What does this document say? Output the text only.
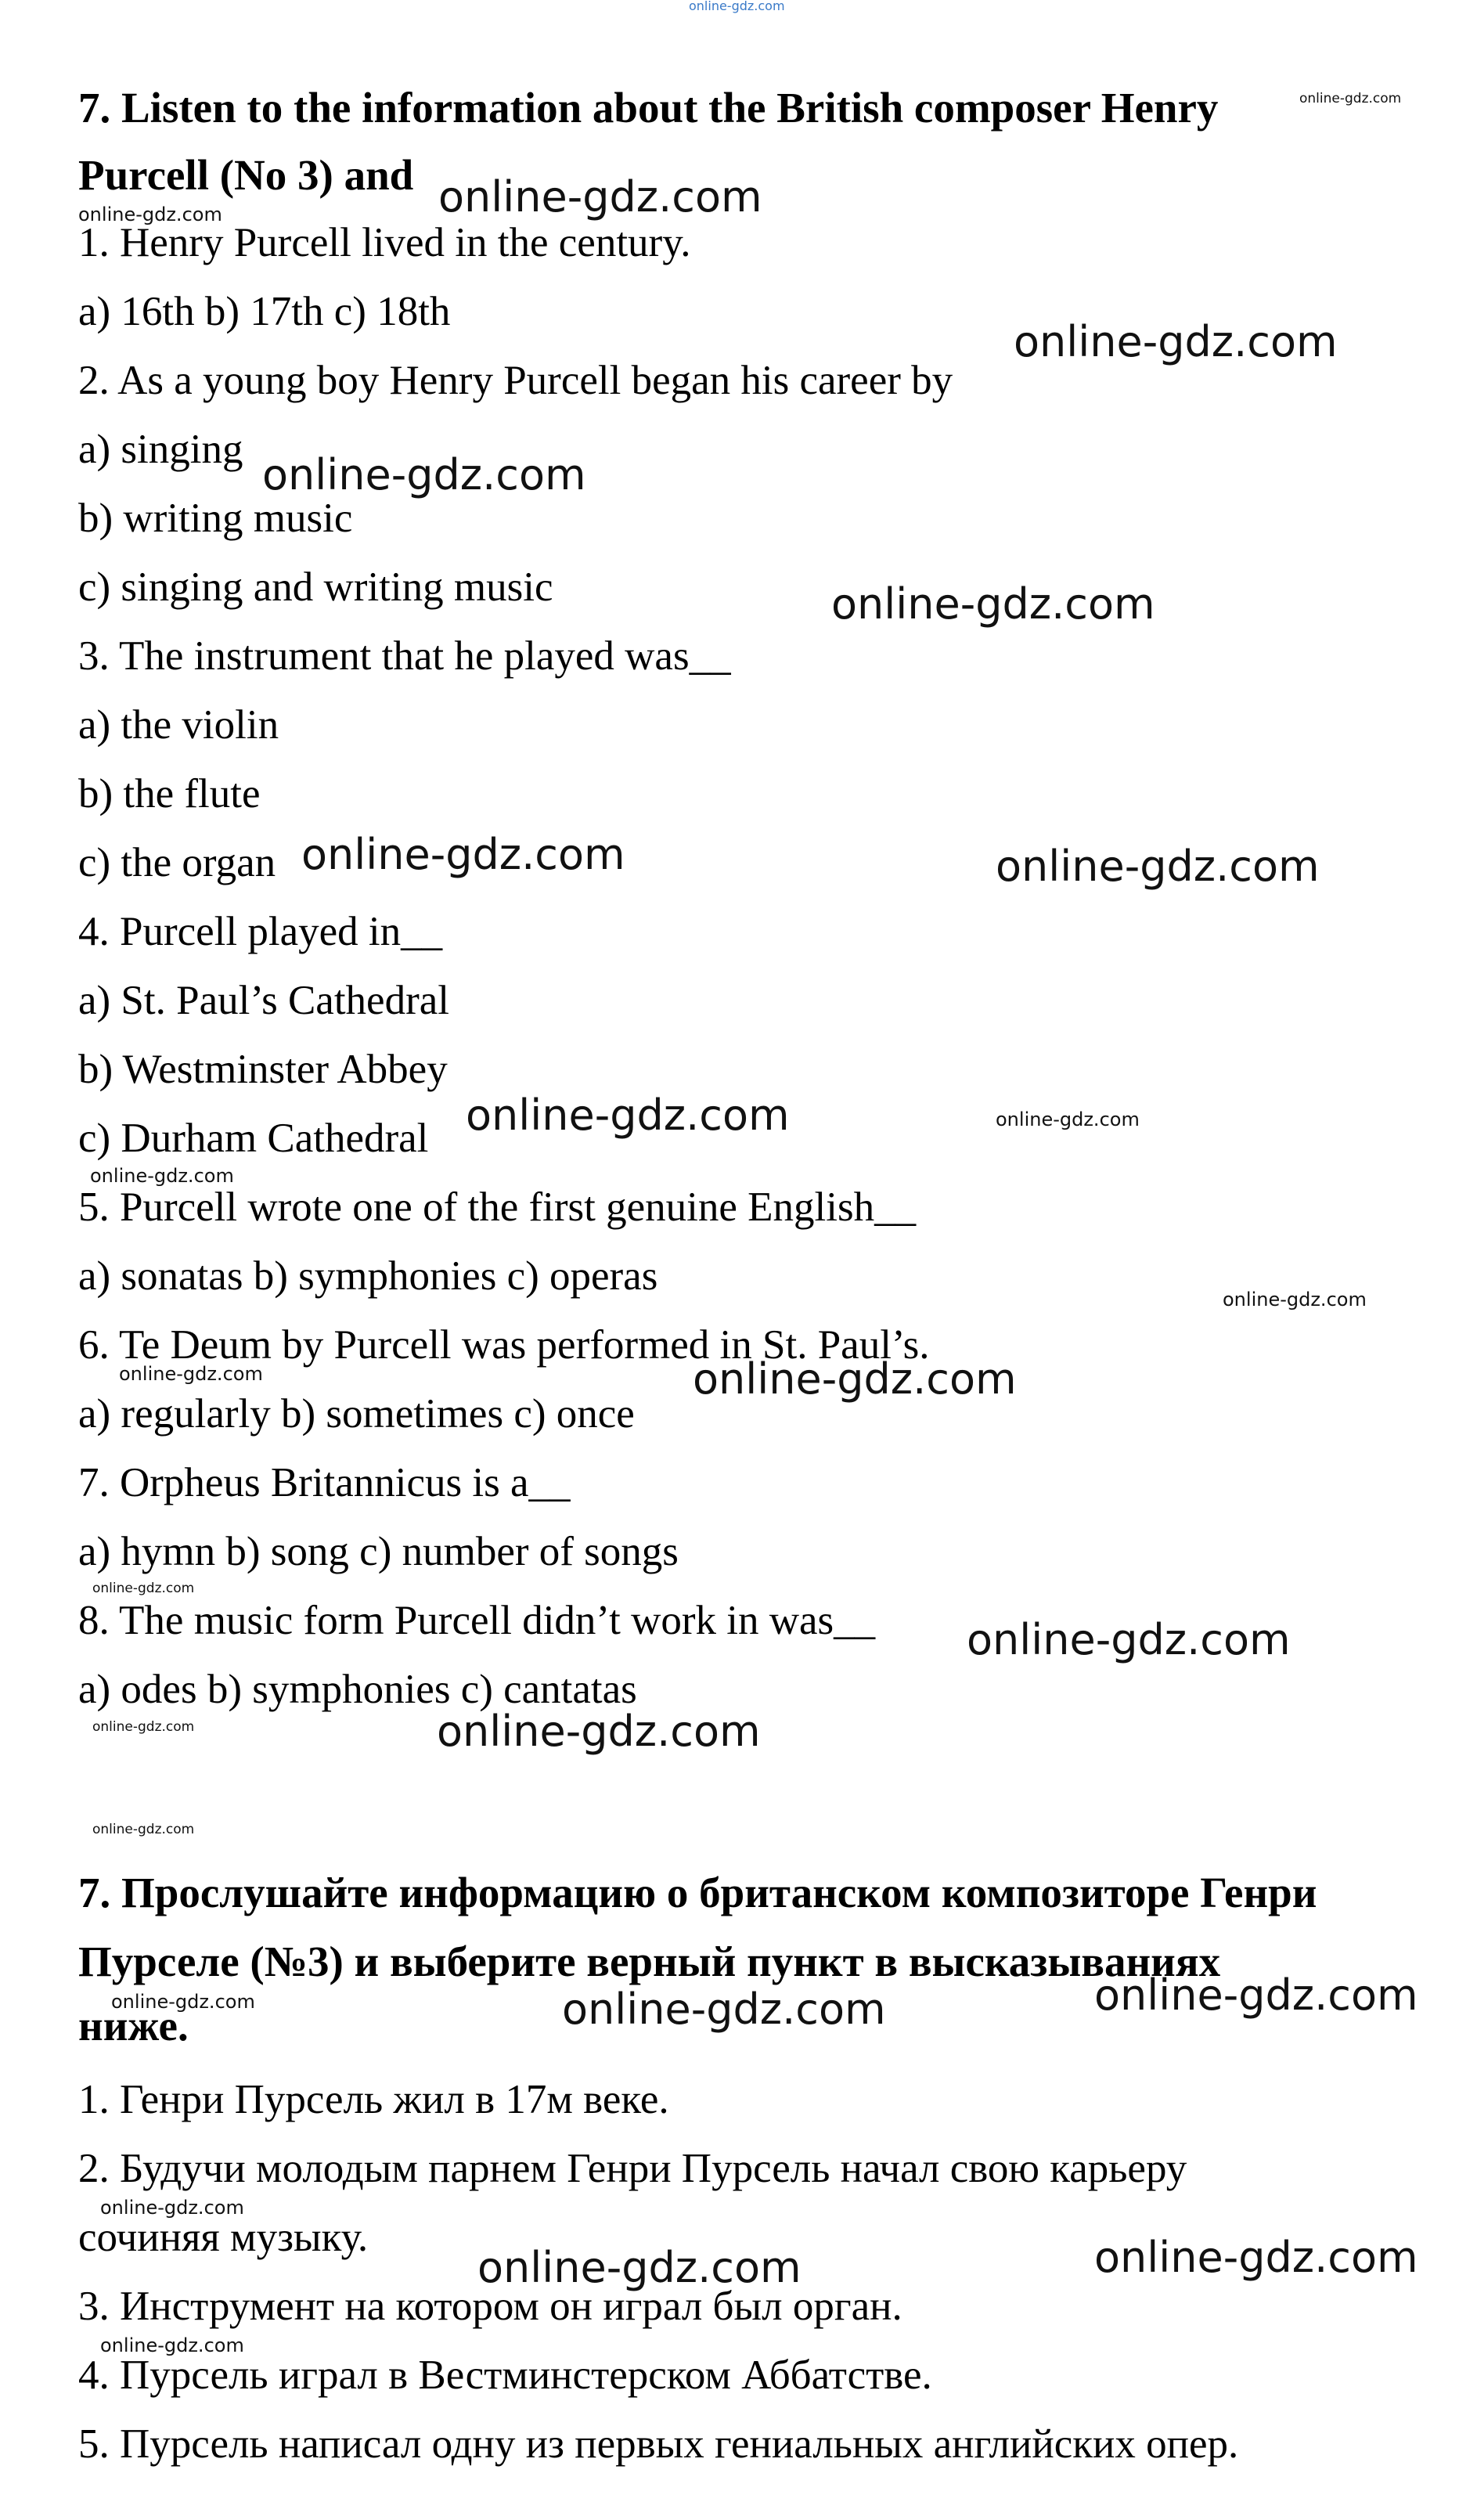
online-gdz.com

7. Listen to the information about the British composer Henry

Purcell (No 3) and

1. Henry Purcell lived in the century.

a) 16th b) 17th c) 18th

2. As a young boy Henry Purcell began his career by

a) singing

b) writing music

c) singing and writing music

3. The instrument that he played was__

a) the violin

b) the flute

c) the organ

4. Purcell played in__

a) St. Paul’s Cathedral

b) Westminster Abbey

c) Durham Cathedral

5. Purcell wrote one of the first genuine English__

a) sonatas b) symphonies c) operas

6. Te Deum by Purcell was performed in St. Paul’s.

a) regularly b) sometimes c) once

7. Orpheus Britannicus is a__

a) hymn b) song c) number of songs

8. The music form Purcell didn’t work in was__

a) odes b) symphonies c) cantatas

7. Прослушайте информацию о британском композиторе Генри

Пурселе (№3) и выберите верный пункт в высказываниях

ниже.

1. Генри Пурсель жил в 17м веке.

2. Будучи молодым парнем Генри Пурсель начал свою карьеру

сочиняя музыку.

3. Инструмент на котором он играл был орган.

4. Пурсель играл в Вестминстерском Аббатстве.

5. Пурсель написал одну из первых гениальных английских опер.

online-gdz.com
online-gdz.com
online-gdz.com
online-gdz.com
online-gdz.com
online-gdz.com
online-gdz.com	online-gdz.com
online-gdz.com	online-gdz.com
online-gdz.com
online-gdz.com
online-gdz.com	online-gdz.com
online-gdz.com
online-gdz.com
online-gdz.com	online-gdz.com
online-gdz.com
online-gdz.com	online-gdz.com	online-gdz.com
online-gdz.com
online-gdz.com	online-gdz.com
online-gdz.com
